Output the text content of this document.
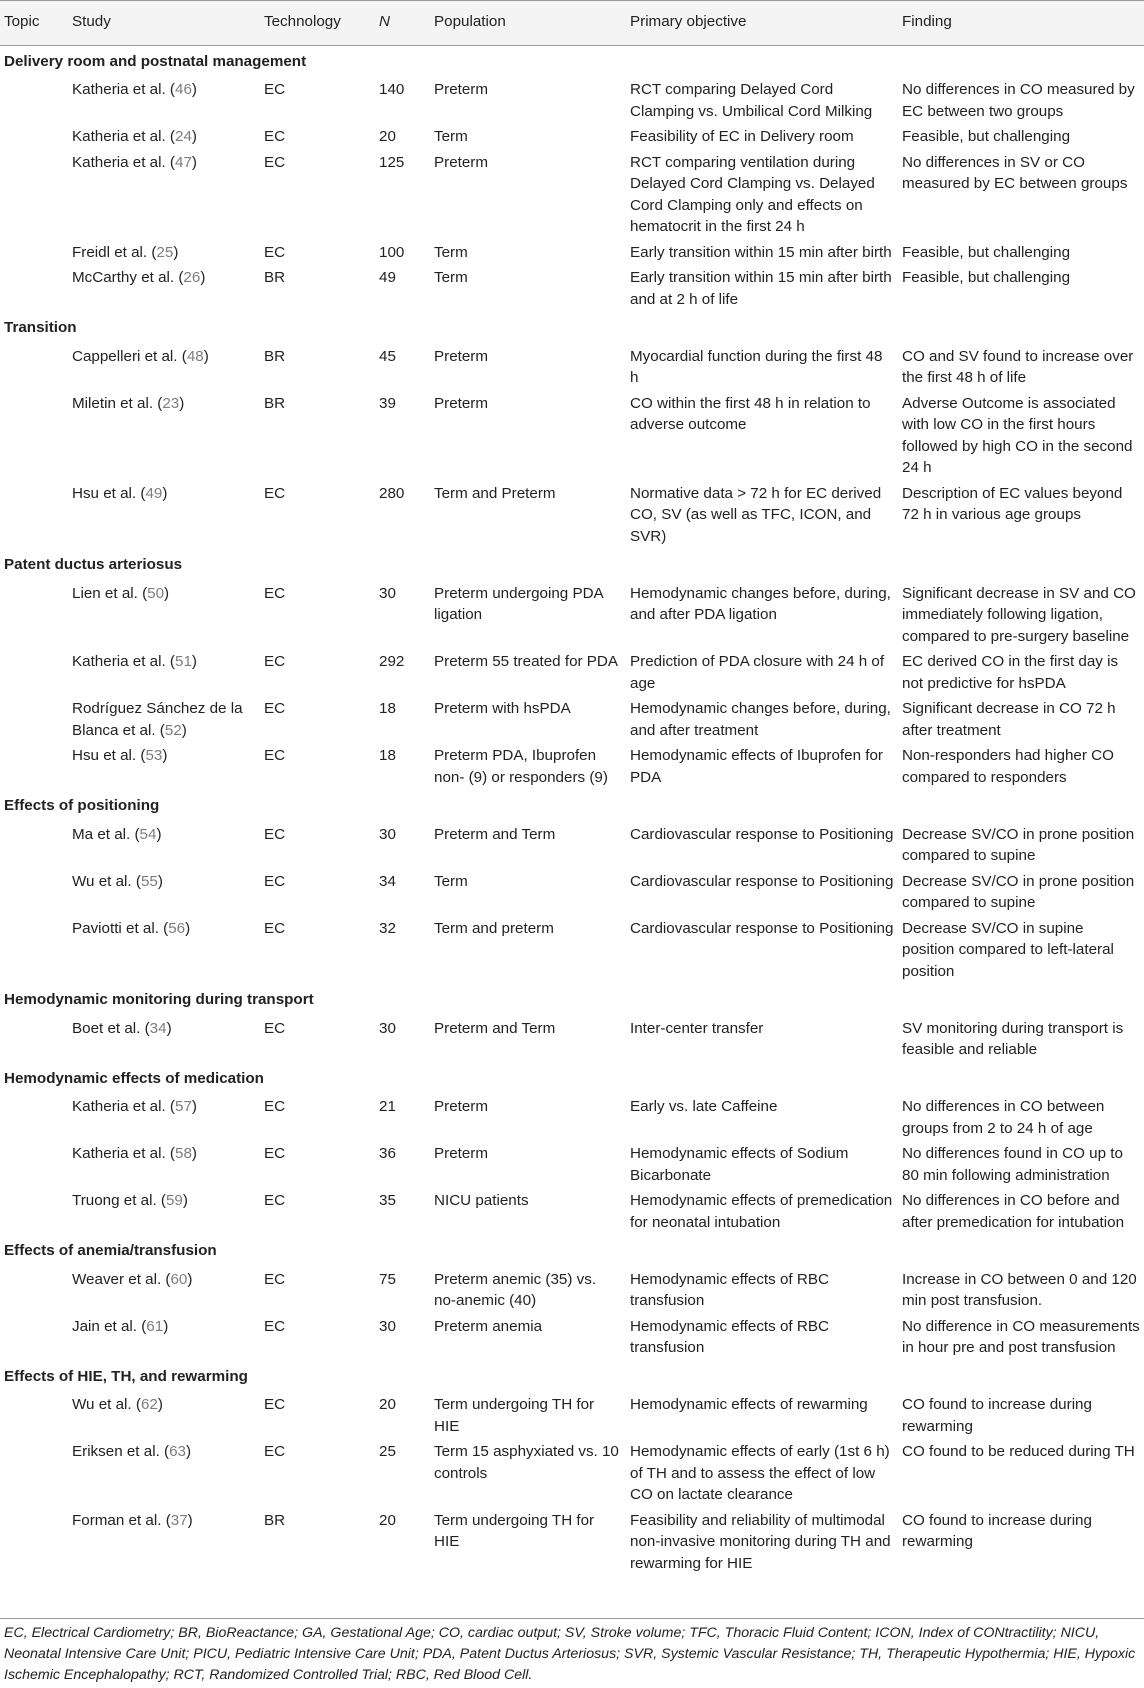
Topic	Study	Technology	N	Population	Primary objective	Finding
Delivery room and postnatal management						
	Katheria et al. (46)	EC	140	Preterm	RCT comparing Delayed Cord Clamping vs. Umbilical Cord Milking	No differences in CO measured by EC between two groups
	Katheria et al. (24)	EC	20	Term	Feasibility of EC in Delivery room	Feasible, but challenging
	Katheria et al. (47)	EC	125	Preterm	RCT comparing ventilation during Delayed Cord Clamping vs. Delayed Cord Clamping only and effects on hematocrit in the first 24 h	No differences in SV or CO measured by EC between groups
	Freidl et al. (25)	EC	100	Term	Early transition within 15 min after birth	Feasible, but challenging
	McCarthy et al. (26)	BR	49	Term	Early transition within 15 min after birth and at 2 h of life	Feasible, but challenging
Transition						
	Cappelleri et al. (48)	BR	45	Preterm	Myocardial function during the first 48 h	CO and SV found to increase over the first 48 h of life
	Miletin et al. (23)	BR	39	Preterm	CO within the first 48 h in relation to adverse outcome	Adverse Outcome is associated with low CO in the first hours followed by high CO in the second 24 h
	Hsu et al. (49)	EC	280	Term and Preterm	Normative data > 72 h for EC derived CO, SV (as well as TFC, ICON, and SVR)	Description of EC values beyond 72 h in various age groups
Patent ductus arteriosus						
	Lien et al. (50)	EC	30	Preterm undergoing PDA ligation	Hemodynamic changes before, during, and after PDA ligation	Significant decrease in SV and CO immediately following ligation, compared to pre-surgery baseline
	Katheria et al. (51)	EC	292	Preterm 55 treated for PDA	Prediction of PDA closure with 24 h of age	EC derived CO in the first day is not predictive for hsPDA
	Rodríguez Sánchez de la Blanca et al. (52)	EC	18	Preterm with hsPDA	Hemodynamic changes before, during, and after treatment	Significant decrease in CO 72 h after treatment
	Hsu et al. (53)	EC	18	Preterm PDA, Ibuprofen non- (9) or responders (9)	Hemodynamic effects of Ibuprofen for PDA	Non-responders had higher CO compared to responders
Effects of positioning						
	Ma et al. (54)	EC	30	Preterm and Term	Cardiovascular response to Positioning	Decrease SV/CO in prone position compared to supine
	Wu et al. (55)	EC	34	Term	Cardiovascular response to Positioning	Decrease SV/CO in prone position compared to supine
	Paviotti et al. (56)	EC	32	Term and preterm	Cardiovascular response to Positioning	Decrease SV/CO in supine position compared to left-lateral position
Hemodynamic monitoring during transport						
	Boet et al. (34)	EC	30	Preterm and Term	Inter-center transfer	SV monitoring during transport is feasible and reliable
Hemodynamic effects of medication						
	Katheria et al. (57)	EC	21	Preterm	Early vs. late Caffeine	No differences in CO between groups from 2 to 24 h of age
	Katheria et al. (58)	EC	36	Preterm	Hemodynamic effects of Sodium Bicarbonate	No differences found in CO up to 80 min following administration
	Truong et al. (59)	EC	35	NICU patients	Hemodynamic effects of premedication for neonatal intubation	No differences in CO before and after premedication for intubation
Effects of anemia/transfusion						
	Weaver et al. (60)	EC	75	Preterm anemic (35) vs. no-anemic (40)	Hemodynamic effects of RBC transfusion	Increase in CO between 0 and 120 min post transfusion.
	Jain et al. (61)	EC	30	Preterm anemia	Hemodynamic effects of RBC transfusion	No difference in CO measurements in hour pre and post transfusion
Effects of HIE, TH, and rewarming						
	Wu et al. (62)	EC	20	Term undergoing TH for HIE	Hemodynamic effects of rewarming	CO found to increase during rewarming
	Eriksen et al. (63)	EC	25	Term 15 asphyxiated vs. 10 controls	Hemodynamic effects of early (1st 6 h) of TH and to assess the effect of low CO on lactate clearance	CO found to be reduced during TH
	Forman et al. (37)	BR	20	Term undergoing TH for HIE	Feasibility and reliability of multimodal non-invasive monitoring during TH and rewarming for HIE	CO found to increase during rewarming
EC, Electrical Cardiometry; BR, BioReactance; GA, Gestational Age; CO, cardiac output; SV, Stroke volume; TFC, Thoracic Fluid Content; ICON, Index of CONtractility; NICU, Neonatal Intensive Care Unit; PICU, Pediatric Intensive Care Unit; PDA, Patent Ductus Arteriosus; SVR, Systemic Vascular Resistance; TH, Therapeutic Hypothermia; HIE, Hypoxic Ischemic Encephalopathy; RCT, Randomized Controlled Trial; RBC, Red Blood Cell.
